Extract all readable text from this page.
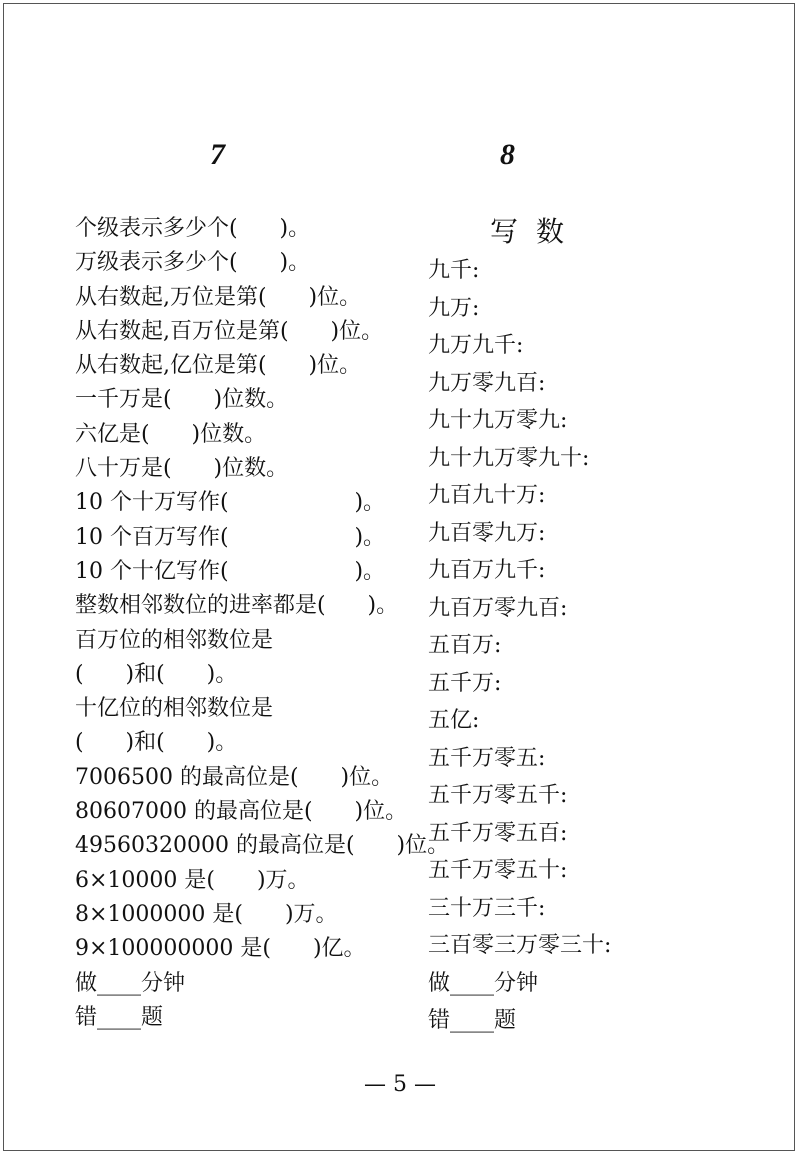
7	8
个级表示多少个(      )。
万级表示多少个(      )。
从右数起,万位是第(      )位。
从右数起,百万位是第(      )位。
从右数起,亿位是第(      )位。
一千万是(      )位数。
六亿是(      )位数。
八十万是(      )位数。
10 个十万写作(                  )。
10 个百万写作(                  )。
10 个十亿写作(                  )。
整数相邻数位的进率都是(      )。
百万位的相邻数位是
(      )和(      )。
十亿位的相邻数位是
(      )和(      )。
7006500 的最高位是(      )位。
80607000 的最高位是(      )位。
49560320000 的最高位是(      )位。
6×10000 是(      )万。
8×1000000 是(      )万。
9×100000000 是(      )亿。
做____分钟
错____题
写数
九千:
九万:
九万九千:
九万零九百:
九十九万零九:
九十九万零九十:
九百九十万:
九百零九万:
九百万九千:
九百万零九百:
五百万:
五千万:
五亿:
五千万零五:
五千万零五千:
五千万零五百:
五千万零五十:
三十万三千:
三百零三万零三十:
做____分钟
错____题
— 5 —
